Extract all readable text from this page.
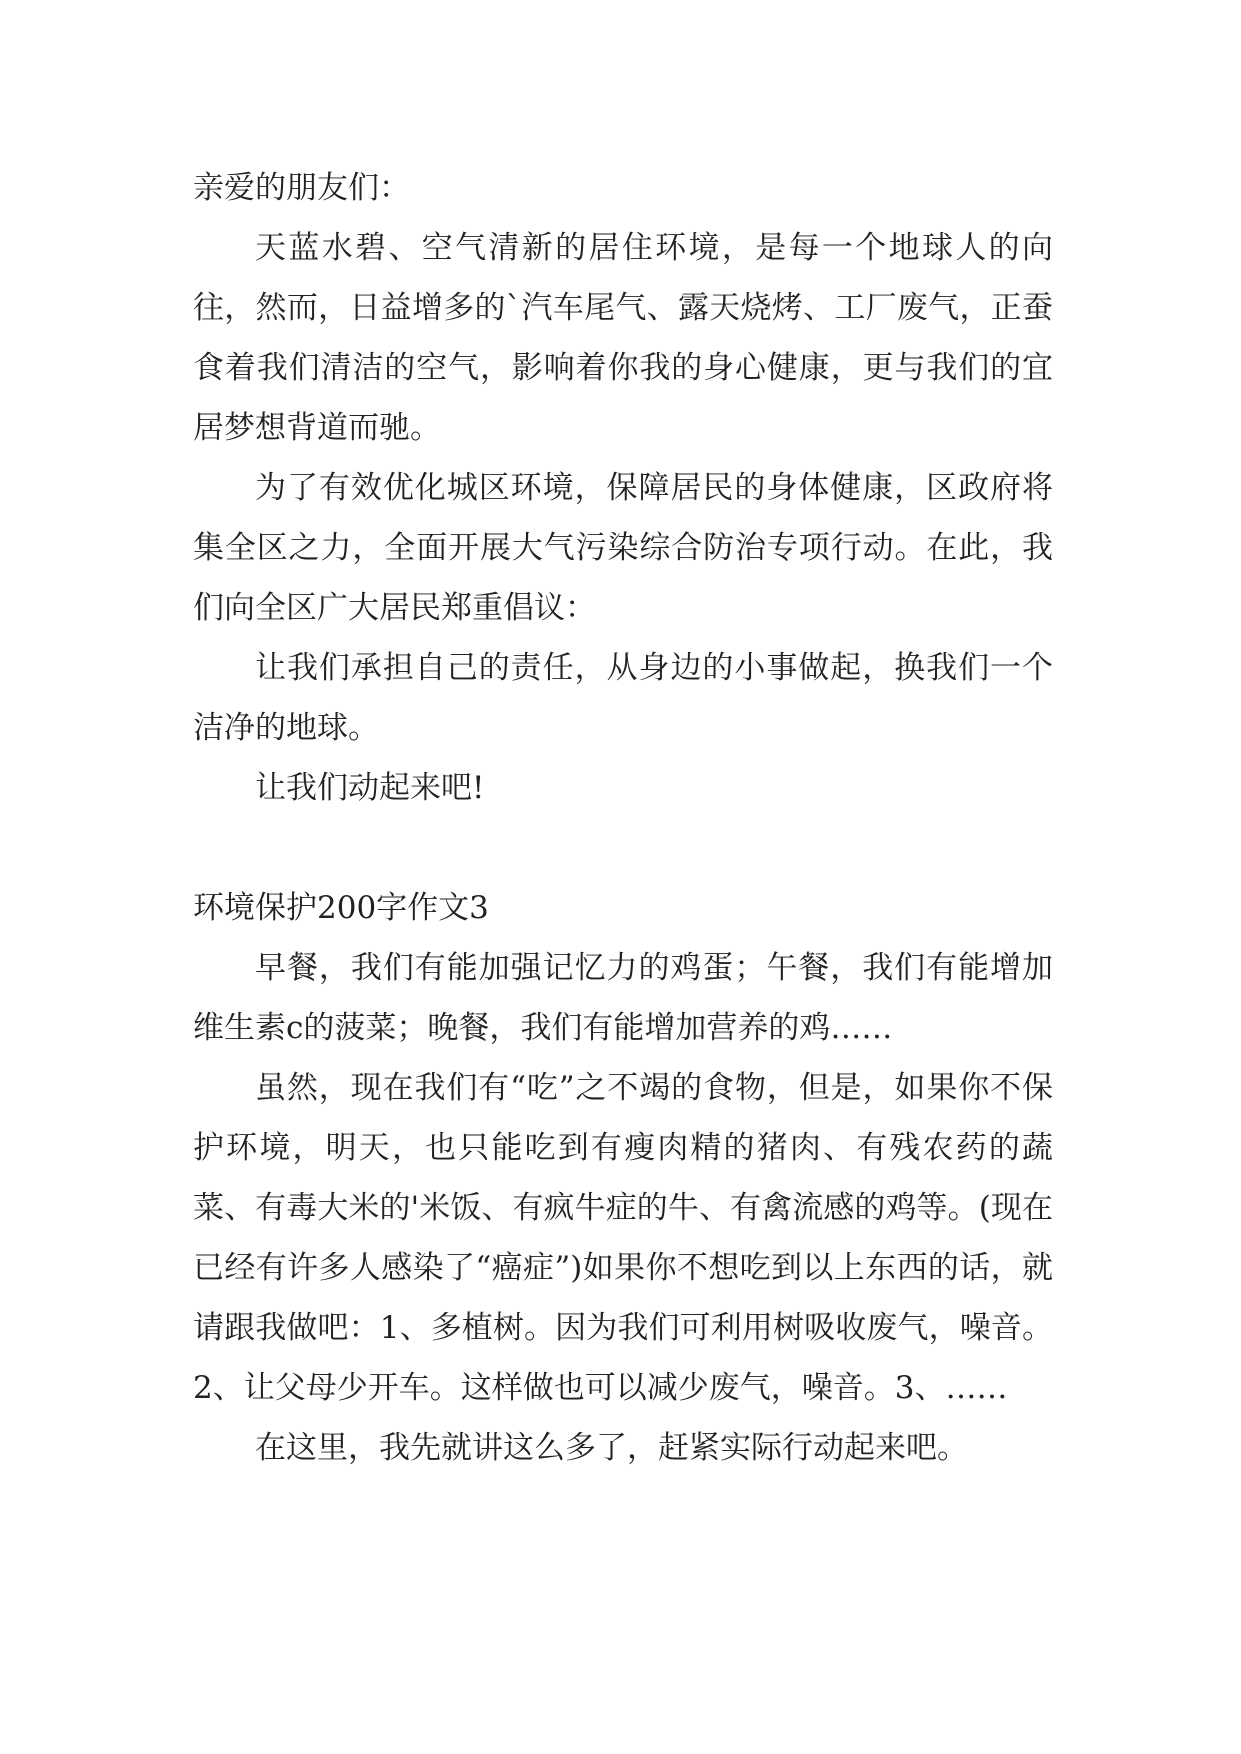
亲爱的朋友们：

天蓝水碧、空气清新的居住环境，是每一个地球人的向往，然而，日益增多的`汽车尾气、露天烧烤、工厂废气，正蚕食着我们清洁的空气，影响着你我的身心健康，更与我们的宜居梦想背道而驰。

为了有效优化城区环境，保障居民的身体健康，区政府将集全区之力，全面开展大气污染综合防治专项行动。在此，我们向全区广大居民郑重倡议：

让我们承担自己的责任，从身边的小事做起，换我们一个洁净的地球。

让我们动起来吧!

环境保护200字作文3

早餐，我们有能加强记忆力的鸡蛋；午餐，我们有能增加维生素c的菠菜；晚餐，我们有能增加营养的鸡……

虽然，现在我们有“吃”之不竭的食物，但是，如果你不保护环境，明天，也只能吃到有瘦肉精的猪肉、有残农药的蔬菜、有毒大米的'米饭、有疯牛症的牛、有禽流感的鸡等。(现在已经有许多人感染了“癌症”)如果你不想吃到以上东西的话，就请跟我做吧：1、多植树。因为我们可利用树吸收废气，噪音。2、让父母少开车。这样做也可以减少废气，噪音。3、……

在这里，我先就讲这么多了，赶紧实际行动起来吧。
